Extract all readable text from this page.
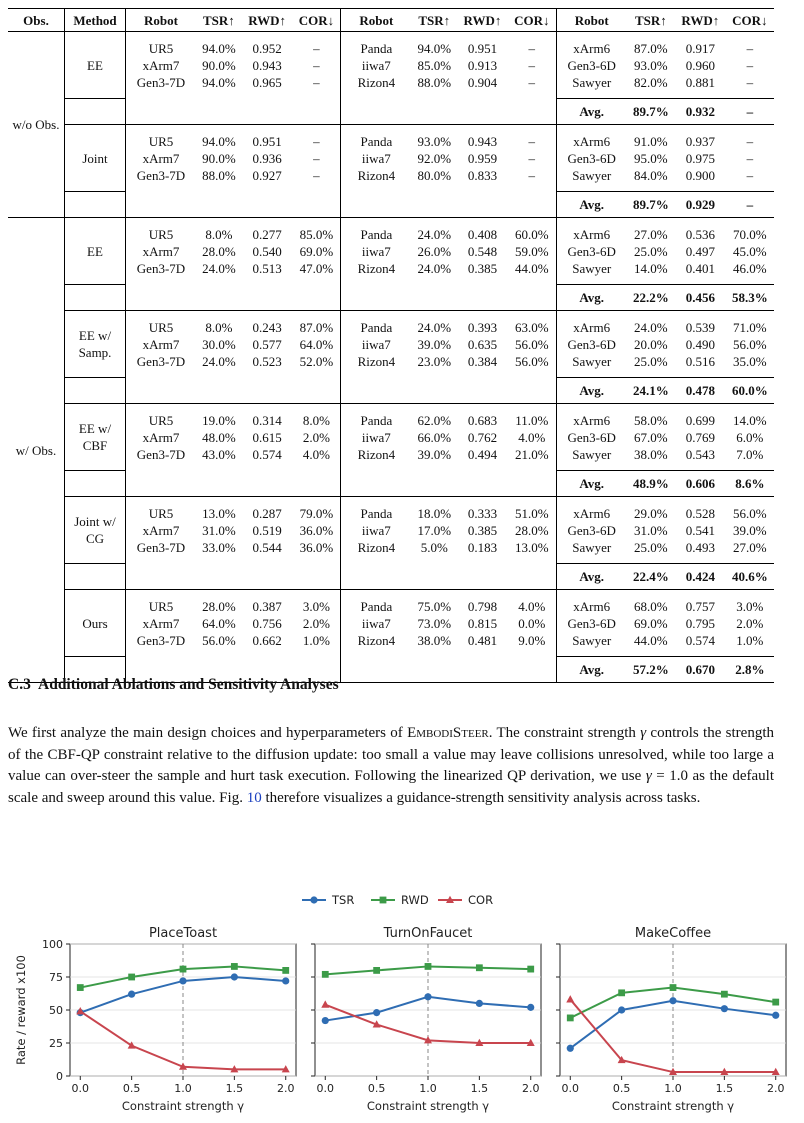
Obs.	Method	Robot	TSR↑	RWD↑	COR↓	Robot	TSR↑	RWD↑	COR↓	Robot	TSR↑	RWD↑	COR↓
w/o Obs.	EE												
		UR5	94.0%	0.952	–	Panda	94.0%	0.951	–	xArm6	87.0%	0.917	–
		xArm7	90.0%	0.943	–	iiwa7	85.0%	0.913	–	Gen3-6D	93.0%	0.960	–
		Gen3-7D	94.0%	0.965	–	Rizon4	88.0%	0.904	–	Sawyer	82.0%	0.881	–

										Avg.	89.7%	0.932	–
	Joint												
		UR5	94.0%	0.951	–	Panda	93.0%	0.943	–	xArm6	91.0%	0.937	–
		xArm7	90.0%	0.936	–	iiwa7	92.0%	0.959	–	Gen3-6D	95.0%	0.975	–
		Gen3-7D	88.0%	0.927	–	Rizon4	80.0%	0.833	–	Sawyer	84.0%	0.900	–

										Avg.	89.7%	0.929	–
w/ Obs.	EE												
		UR5	8.0%	0.277	85.0%	Panda	24.0%	0.408	60.0%	xArm6	27.0%	0.536	70.0%
		xArm7	28.0%	0.540	69.0%	iiwa7	26.0%	0.548	59.0%	Gen3-6D	25.0%	0.497	45.0%
		Gen3-7D	24.0%	0.513	47.0%	Rizon4	24.0%	0.385	44.0%	Sawyer	14.0%	0.401	46.0%

										Avg.	22.2%	0.456	58.3%
	EE w/ Samp.												
		UR5	8.0%	0.243	87.0%	Panda	24.0%	0.393	63.0%	xArm6	24.0%	0.539	71.0%
		xArm7	30.0%	0.577	64.0%	iiwa7	39.0%	0.635	56.0%	Gen3-6D	20.0%	0.490	56.0%
		Gen3-7D	24.0%	0.523	52.0%	Rizon4	23.0%	0.384	56.0%	Sawyer	25.0%	0.516	35.0%

										Avg.	24.1%	0.478	60.0%
	EE w/ CBF												
		UR5	19.0%	0.314	8.0%	Panda	62.0%	0.683	11.0%	xArm6	58.0%	0.699	14.0%
		xArm7	48.0%	0.615	2.0%	iiwa7	66.0%	0.762	4.0%	Gen3-6D	67.0%	0.769	6.0%
		Gen3-7D	43.0%	0.574	4.0%	Rizon4	39.0%	0.494	21.0%	Sawyer	38.0%	0.543	7.0%

										Avg.	48.9%	0.606	8.6%
	Joint w/ CG												
		UR5	13.0%	0.287	79.0%	Panda	18.0%	0.333	51.0%	xArm6	29.0%	0.528	56.0%
		xArm7	31.0%	0.519	36.0%	iiwa7	17.0%	0.385	28.0%	Gen3-6D	31.0%	0.541	39.0%
		Gen3-7D	33.0%	0.544	36.0%	Rizon4	5.0%	0.183	13.0%	Sawyer	25.0%	0.493	27.0%

										Avg.	22.4%	0.424	40.6%
	Ours												
		UR5	28.0%	0.387	3.0%	Panda	75.0%	0.798	4.0%	xArm6	68.0%	0.757	3.0%
		xArm7	64.0%	0.756	2.0%	iiwa7	73.0%	0.815	0.0%	Gen3-6D	69.0%	0.795	2.0%
		Gen3-7D	56.0%	0.662	1.0%	Rizon4	38.0%	0.481	9.0%	Sawyer	44.0%	0.574	1.0%

										Avg.	57.2%	0.670	2.8%
C.3 Additional Ablations and Sensitivity Analyses

We first analyze the main design choices and hyperparameters of EmbodiSteer. The constraint strength γ controls the strength of the CBF-QP constraint relative to the diffusion update: too small a value may leave collisions unresolved, while too large a value can over-steer the sample and hurt task execution. Following the linearized QP derivation, we use γ = 1.0 as the default scale and sweep around this value. Fig. 10 therefore visualizes a guidance-strength sensitivity analysis across tasks.

TSR	RWD	COR
0
25
50
75
100
Rate / reward x100
0.0	0.5	1.0	1.5	2.0
PlaceToast
Constraint strength γ
0.0	0.5	1.0	1.5	2.0
TurnOnFaucet
Constraint strength γ
0.0	0.5	1.0	1.5	2.0
MakeCoffee
Constraint strength γ
